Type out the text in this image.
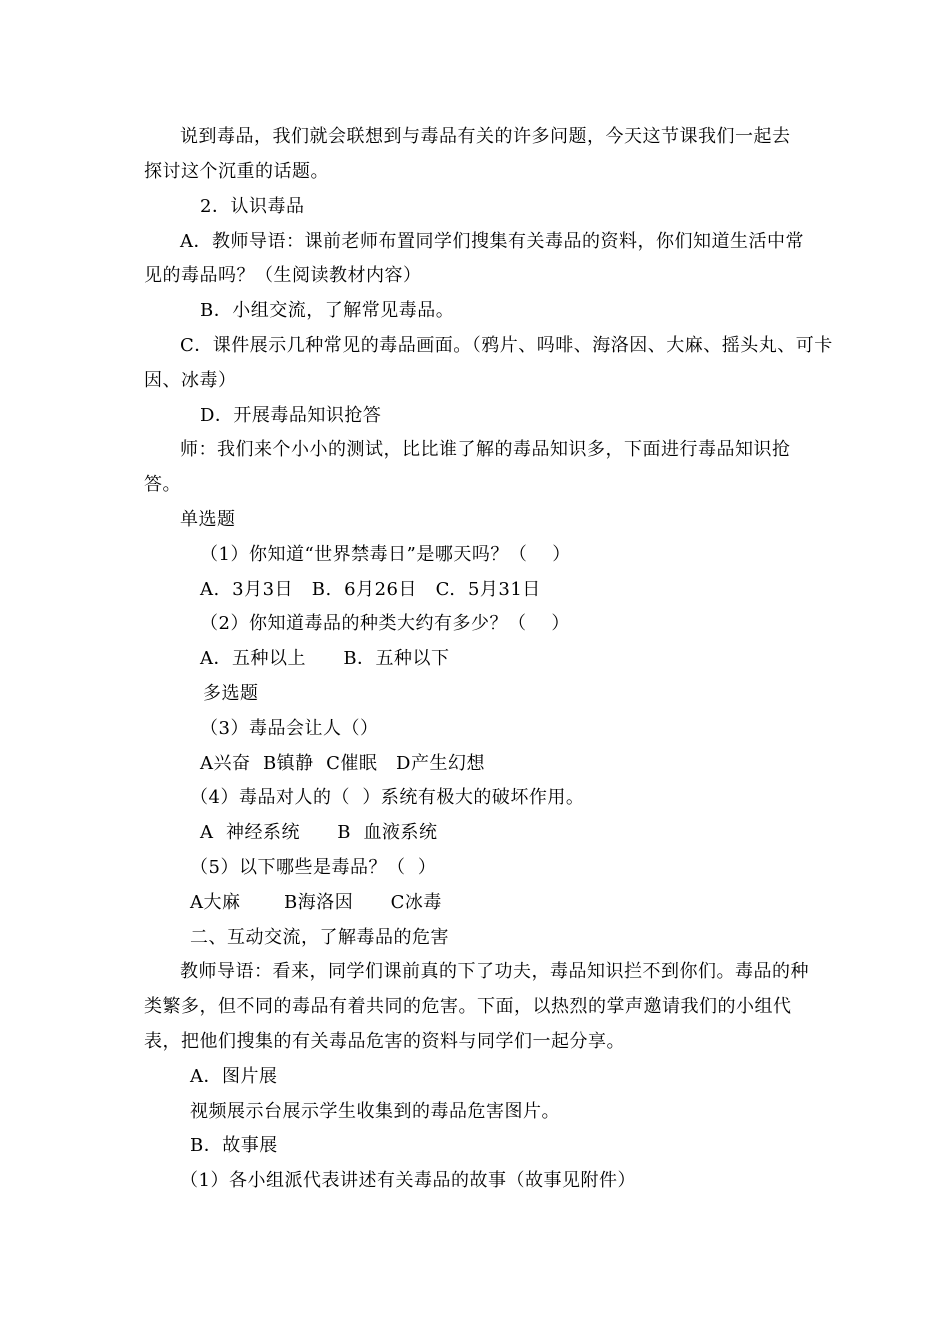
说到毒品，我们就会联想到与毒品有关的许多问题，今天这节课我们一起去
探讨这个沉重的话题。
2．认识毒品
A．教师导语：课前老师布置同学们搜集有关毒品的资料，你们知道生活中常
见的毒品吗？（生阅读教材内容）
B．小组交流，了解常见毒品。
C．课件展示几种常见的毒品画面。（鸦片、吗啡、海洛因、大麻、摇头丸、可卡
因、冰毒）
D．开展毒品知识抢答
师：我们来个小小的测试，比比谁了解的毒品知识多，下面进行毒品知识抢
答。
单选题
（1）你知道“世界禁毒日”是哪天吗？（    ）
A.  3月3日   B.  6月26日   C.  5月31日
（2）你知道毒品的种类大约有多少？（    ）
A．五种以上      B．五种以下
多选题
（3）毒品会让人（）
A兴奋  B镇静  C催眠   D产生幻想
（4）毒品对人的（  ）系统有极大的破坏作用。
A  神经系统      B  血液系统
（5）以下哪些是毒品？（  ）
A大麻       B海洛因      C冰毒
二、互动交流，了解毒品的危害
教师导语：看来，同学们课前真的下了功夫，毒品知识拦不到你们。毒品的种
类繁多，但不同的毒品有着共同的危害。下面，以热烈的掌声邀请我们的小组代
表，把他们搜集的有关毒品危害的资料与同学们一起分享。
A．图片展
视频展示台展示学生收集到的毒品危害图片。
B．故事展
（1）各小组派代表讲述有关毒品的故事（故事见附件）
